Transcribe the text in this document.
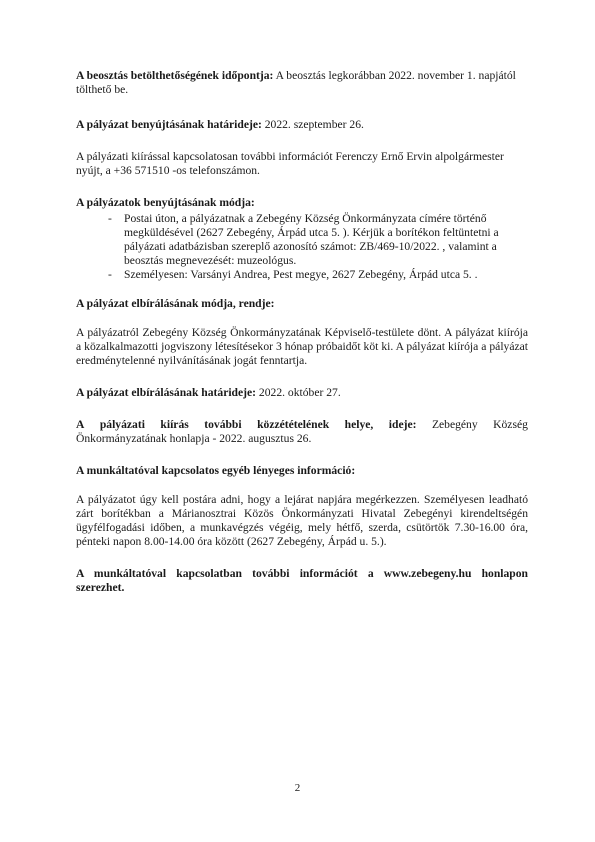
A beosztás betölthetőségének időpontja: A beosztás legkorábban 2022. november 1. napjától tölthető be.

A pályázat benyújtásának határideje: 2022. szeptember 26.

A pályázati kiírással kapcsolatosan további információt Ferenczy Ernő Ervin alpolgármester nyújt, a +36 571510 -os telefonszámon.

A pályázatok benyújtásának módja:

- Postai úton, a pályázatnak a Zebegény Község Önkormányzata címére történő megküldésével (2627 Zebegény, Árpád utca 5. ). Kérjük a borítékon feltüntetni a pályázati adatbázisban szereplő azonosító számot: ZB/469-10/2022. , valamint a beosztás megnevezését: muzeológus.
- Személyesen: Varsányi Andrea, Pest megye, 2627 Zebegény, Árpád utca 5. .

A pályázat elbírálásának módja, rendje:

A pályázatról Zebegény Község Önkormányzatának Képviselő-testülete dönt. A pályázat kiírója a közalkalmazotti jogviszony létesítésekor 3 hónap próbaidőt köt ki. A pályázat kiírója a pályázat eredménytelenné nyilvánításának jogát fenntartja.

A pályázat elbírálásának határideje: 2022. október 27.

A pályázati kiírás további közzétételének helye, ideje: Zebegény Község

Önkormányzatának honlapja - 2022. augusztus 26.

A munkáltatóval kapcsolatos egyéb lényeges információ:

A pályázatot úgy kell postára adni, hogy a lejárat napjára megérkezzen. Személyesen leadható zárt borítékban a Márianosztrai Közös Önkormányzati Hivatal Zebegényi kirendeltségén ügyfélfogadási időben, a munkavégzés végéig, mely hétfő, szerda, csütörtök 7.30-16.00 óra, pénteki napon 8.00-14.00 óra között (2627 Zebegény, Árpád u. 5.).

A munkáltatóval kapcsolatban további információt a www.zebegeny.hu honlapon szerezhet.

2
